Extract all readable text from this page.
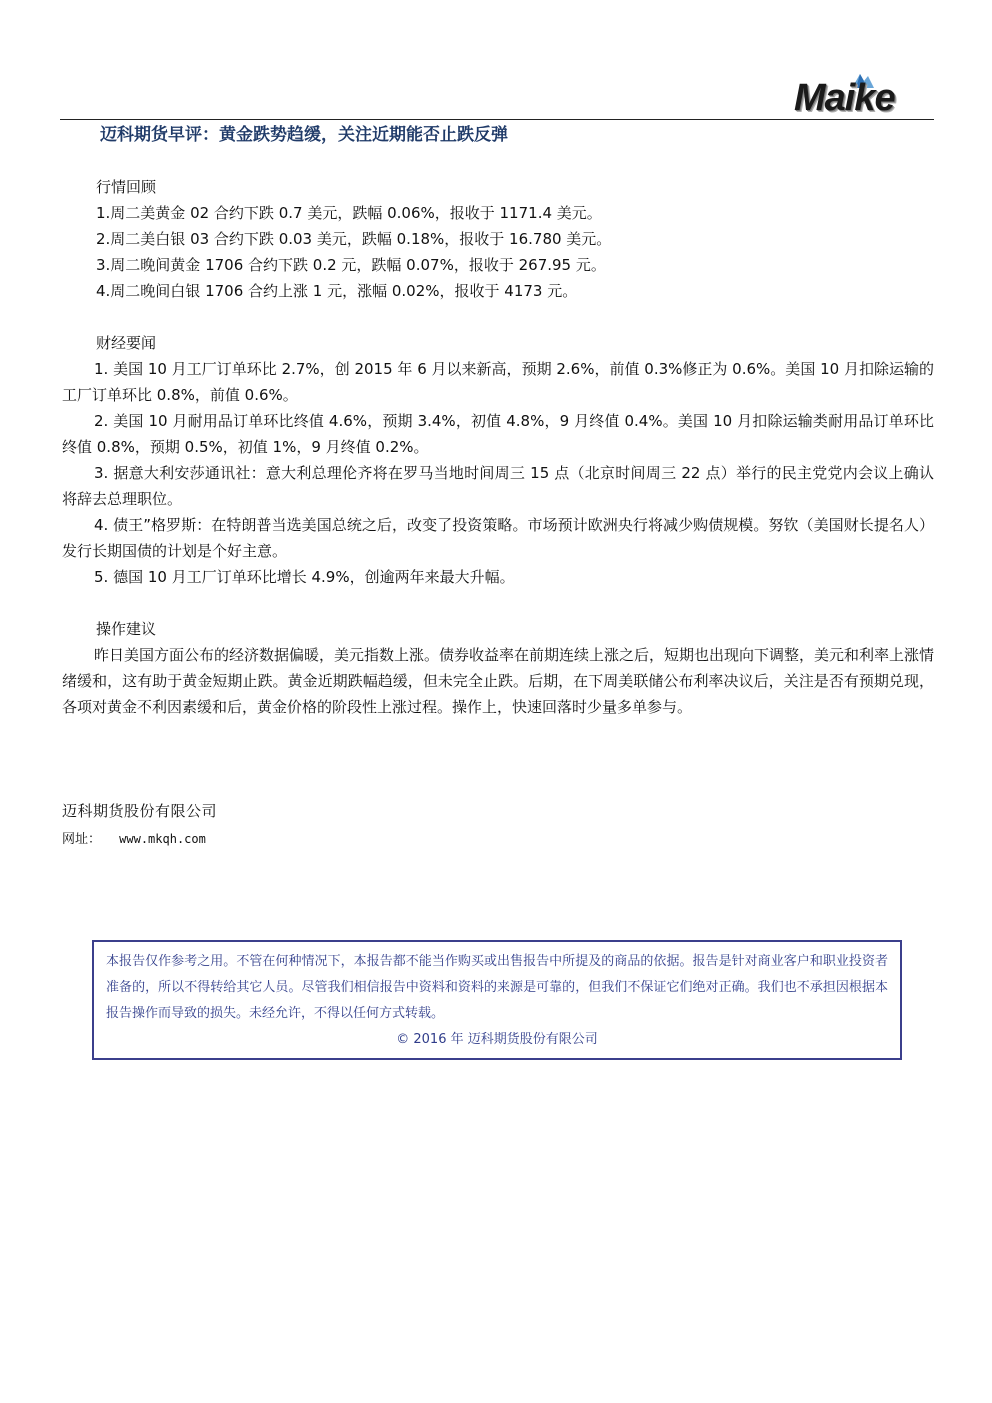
Maike
迈科期货早评：黄金跌势趋缓，关注近期能否止跌反弹
行情回顾
1.周二美黄金 02 合约下跌 0.7 美元，跌幅 0.06%，报收于 1171.4 美元。
2.周二美白银 03 合约下跌 0.03 美元，跌幅 0.18%，报收于 16.780 美元。
3.周二晚间黄金 1706 合约下跌 0.2 元，跌幅 0.07%，报收于 267.95 元。
4.周二晚间白银 1706 合约上涨 1 元，涨幅 0.02%，报收于 4173 元。
财经要闻

1. 美国 10 月工厂订单环比 2.7%，创 2015 年 6 月以来新高，预期 2.6%，前值 0.3%修正为 0.6%。美国 10 月扣除运输的工厂订单环比 0.8%，前值 0.6%。

2. 美国 10 月耐用品订单环比终值 4.6%，预期 3.4%，初值 4.8%，9 月终值 0.4%。美国 10 月扣除运输类耐用品订单环比终值 0.8%，预期 0.5%，初值 1%，9 月终值 0.2%。

3. 据意大利安莎通讯社：意大利总理伦齐将在罗马当地时间周三 15 点（北京时间周三 22 点）举行的民主党党内会议上确认将辞去总理职位。

4. 债王”格罗斯：在特朗普当选美国总统之后，改变了投资策略。市场预计欧洲央行将减少购债规模。努钦（美国财长提名人）发行长期国债的计划是个好主意。

5. 德国 10 月工厂订单环比增长 4.9%，创逾两年来最大升幅。

操作建议

昨日美国方面公布的经济数据偏暖，美元指数上涨。债券收益率在前期连续上涨之后，短期也出现向下调整，美元和利率上涨情绪缓和，这有助于黄金短期止跌。黄金近期跌幅趋缓，但未完全止跌。后期，在下周美联储公布利率决议后，关注是否有预期兑现，各项对黄金不利因素缓和后，黄金价格的阶段性上涨过程。操作上，快速回落时少量多单参与。

迈科期货股份有限公司
网址： www.mkqh.com

本报告仅作参考之用。不管在何种情况下，本报告都不能当作购买或出售报告中所提及的商品的依据。报告是针对商业客户和职业投资者准备的，所以不得转给其它人员。尽管我们相信报告中资料和资料的来源是可靠的，但我们不保证它们绝对正确。我们也不承担因根据本报告操作而导致的损失。未经允许，不得以任何方式转载。

© 2016 年 迈科期货股份有限公司
